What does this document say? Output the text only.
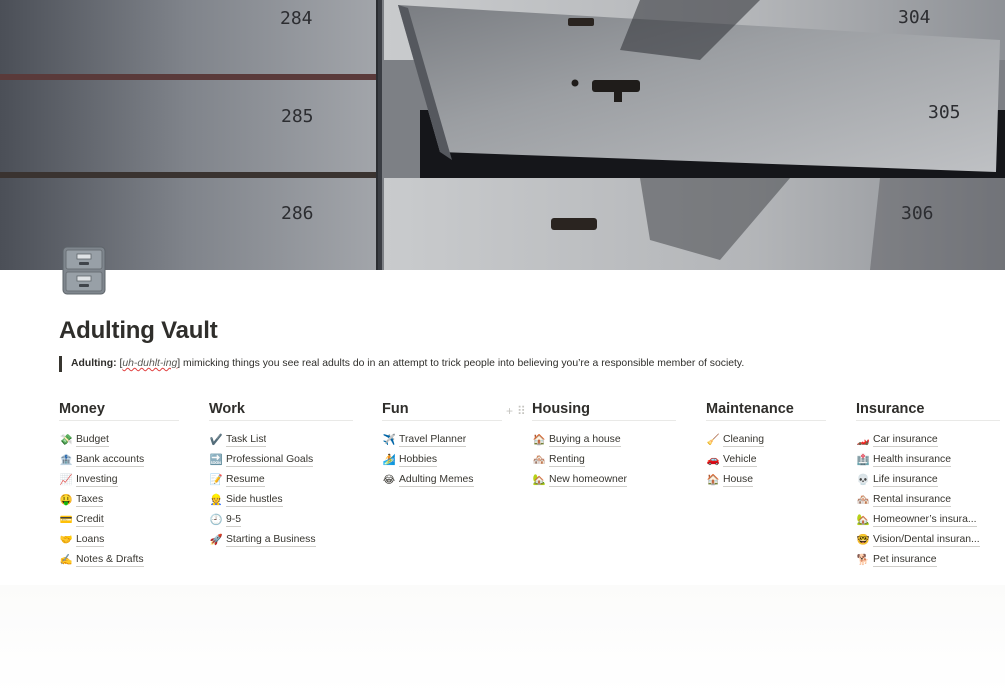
284
285
286
304
305
306
Adulting Vault
Adulting: [uh-duhlt-ing] mimicking things you see real adults do in an attempt to trick people into believing you’re a responsible member of society.
+ ⠿
Money
💸 Budget
🏦 Bank accounts
📈 Investing
🤑 Taxes
💳 Credit
🤝 Loans
✍️ Notes & Drafts
Work
✔️ Task List
🔜 Professional Goals
📝 Resume
👷 Side hustles
🕘 9-5
🚀 Starting a Business
Fun
✈️ Travel Planner
🏄 Hobbies
😂 Adulting Memes
Housing
🏠 Buying a house
🏘️ Renting
🏡 New homeowner
Maintenance
🧹 Cleaning
🚗 Vehicle
🏠 House
Insurance
🏎️ Car insurance
🏥 Health insurance
💀 Life insurance
🏘️ Rental insurance
🏡 Homeowner’s insura...
🤓 Vision/Dental insuran...
🐕 Pet insurance
